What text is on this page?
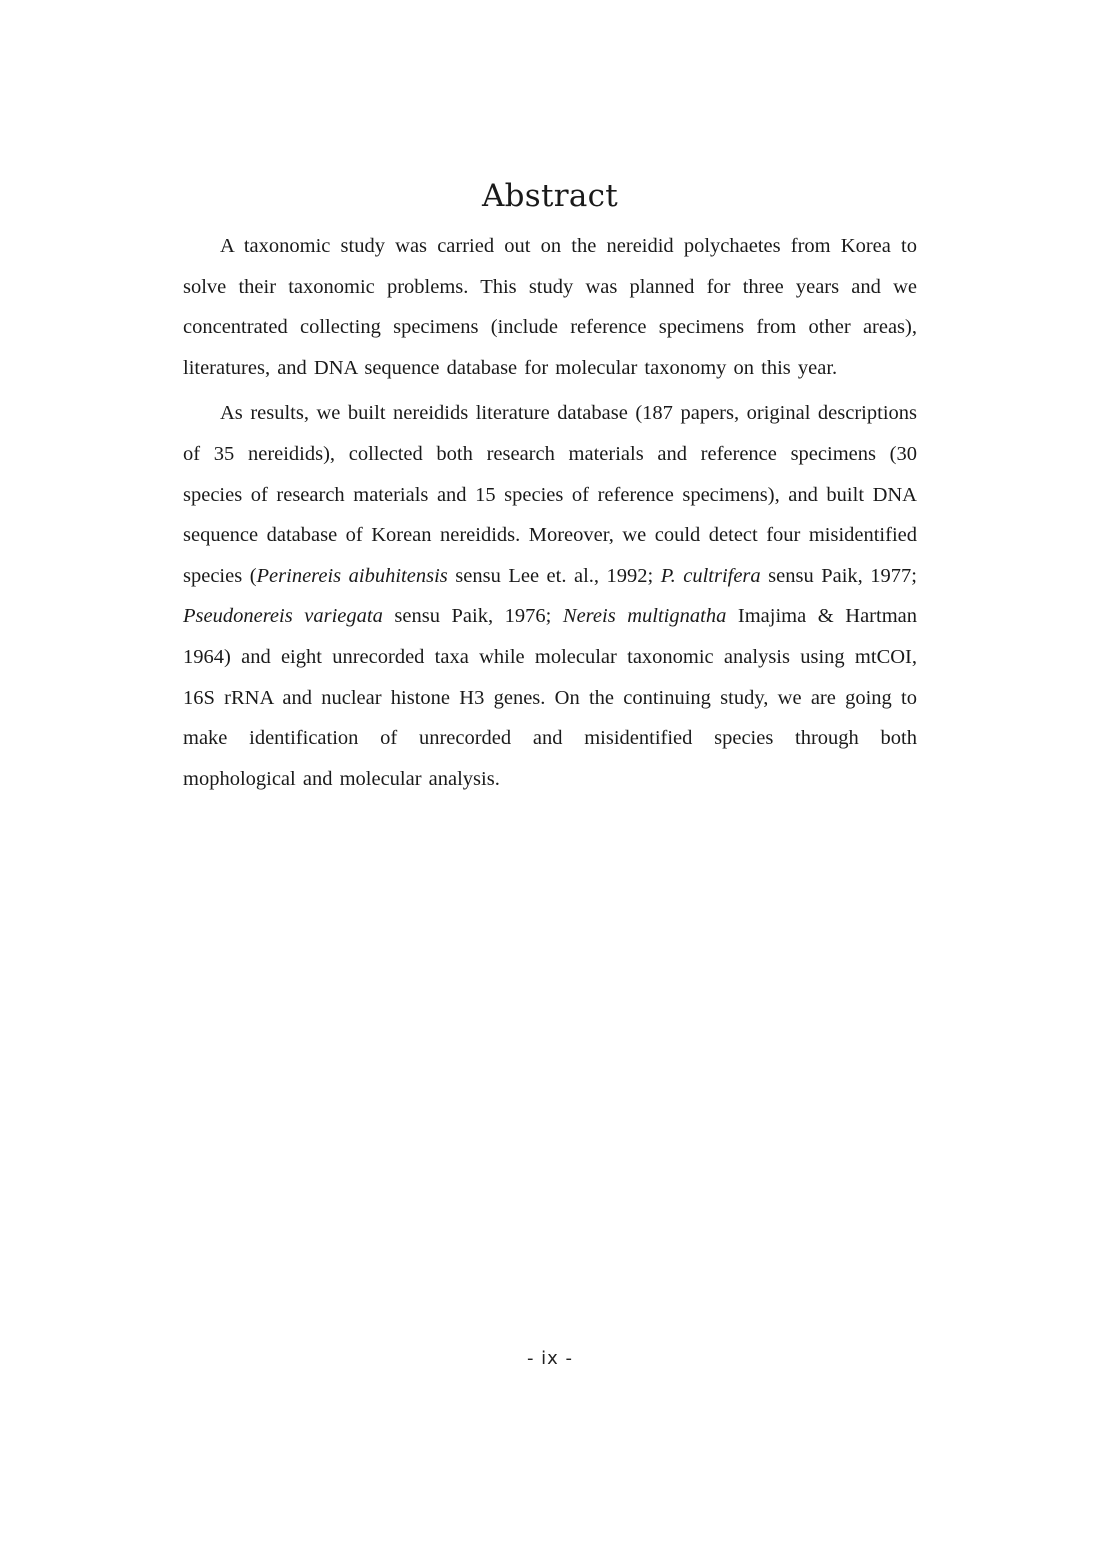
Abstract

A taxonomic study was carried out on the nereidid polychaetes from Korea to solve their taxonomic problems. This study was planned for three years and we concentrated collecting specimens (include reference specimens from other areas), literatures, and DNA sequence database for molecular taxonomy on this year.

As results, we built nereidids literature database (187 papers, original descriptions of 35 nereidids), collected both research materials and reference specimens (30 species of research materials and 15 species of reference specimens), and built DNA sequence database of Korean nereidids. Moreover, we could detect four misidentified species (Perinereis aibuhitensis sensu Lee et. al., 1992; P. cultrifera sensu Paik, 1977; Pseudonereis variegata sensu Paik, 1976; Nereis multignatha Imajima & Hartman 1964) and eight unrecorded taxa while molecular taxonomic analysis using mtCOI, 16S rRNA and nuclear histone H3 genes. On the continuing study, we are going to make identification of unrecorded and misidentified species through both mophological and molecular analysis.

- ix -
